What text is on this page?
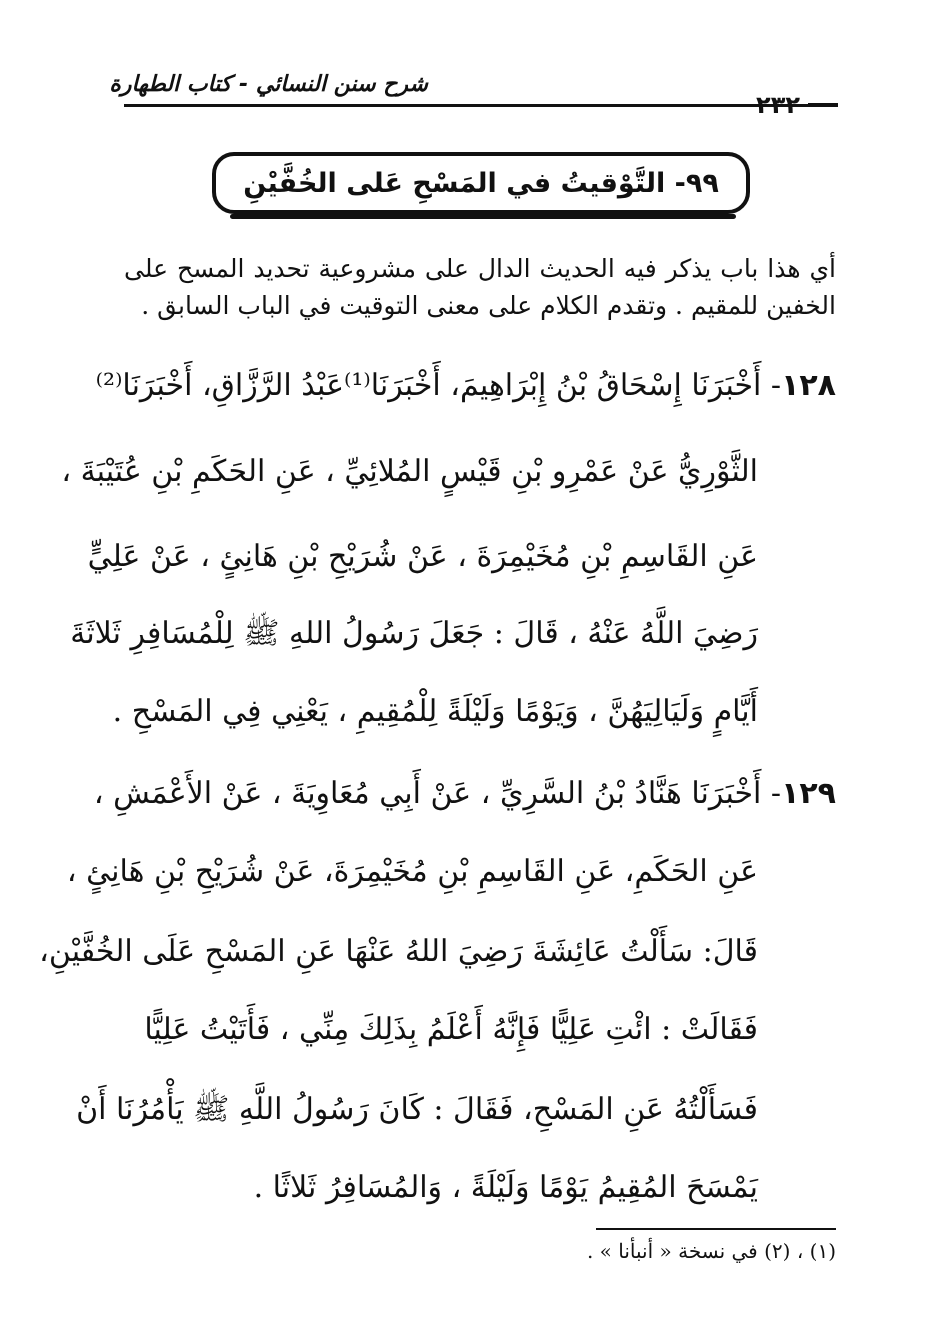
شرح سنن النسائي - كتاب الطهارة
٢٣٢
٩٩- التَّوْقيتُ في المَسْحِ عَلى الخُفَّيْنِ

أي هذا باب يذكر فيه الحديث الدال على مشروعية تحديد المسح على الخفين للمقيم . وتقدم الكلام على معنى التوقيت في الباب السابق .

١٢٨- أَخْبَرَنَا إِسْحَاقُ بْنُ إِبْرَاهِيمَ، أَخْبَرَنَا⁽¹⁾عَبْدُ الرَّزَّاقِ، أَخْبَرَنَا⁽²⁾
الثَّوْرِيُّ عَنْ عَمْرِو بْنِ قَيْسٍ المُلائِيِّ ، عَنِ الحَكَمِ بْنِ عُتَيْبَةَ ،
عَنِ القَاسِمِ بْنِ مُخَيْمِرَةَ ، عَنْ شُرَيْحِ بْنِ هَانِئٍ ، عَنْ عَلِيٍّ
رَضِيَ اللَّهُ عَنْهُ ، قَالَ : جَعَلَ رَسُولُ اللهِ ﷺ لِلْمُسَافِرِ ثَلاثَةَ
أَيَّامٍ وَلَيَالِيَهُنَّ ، وَيَوْمًا وَلَيْلَةً لِلْمُقِيمِ ، يَعْنِي فِي المَسْحِ .
١٢٩- أَخْبَرَنَا هَنَّادُ بْنُ السَّرِيِّ ، عَنْ أَبِي مُعَاوِيَةَ ، عَنْ الأَعْمَشِ ،
عَنِ الحَكَمِ، عَنِ القَاسِمِ بْنِ مُخَيْمِرَةَ، عَنْ شُرَيْحِ بْنِ هَانِئٍ ،
قَالَ: سَأَلْتُ عَائِشَةَ رَضِيَ اللهُ عَنْهَا عَنِ المَسْحِ عَلَى الخُفَّيْنِ،
فَقَالَتْ : ائْتِ عَلِيًّا فَإِنَّهُ أَعْلَمُ بِذَلِكَ مِنِّي ، فَأَتَيْتُ عَلِيًّا
فَسَأَلْتُهُ عَنِ المَسْحِ، فَقَالَ : كَانَ رَسُولُ اللَّهِ ﷺ يَأْمُرُنَا أَنْ
يَمْسَحَ المُقِيمُ يَوْمًا وَلَيْلَةً ، وَالمُسَافِرُ ثَلاثًا .
(١) ، (٢) في نسخة « أنبأنا » .
